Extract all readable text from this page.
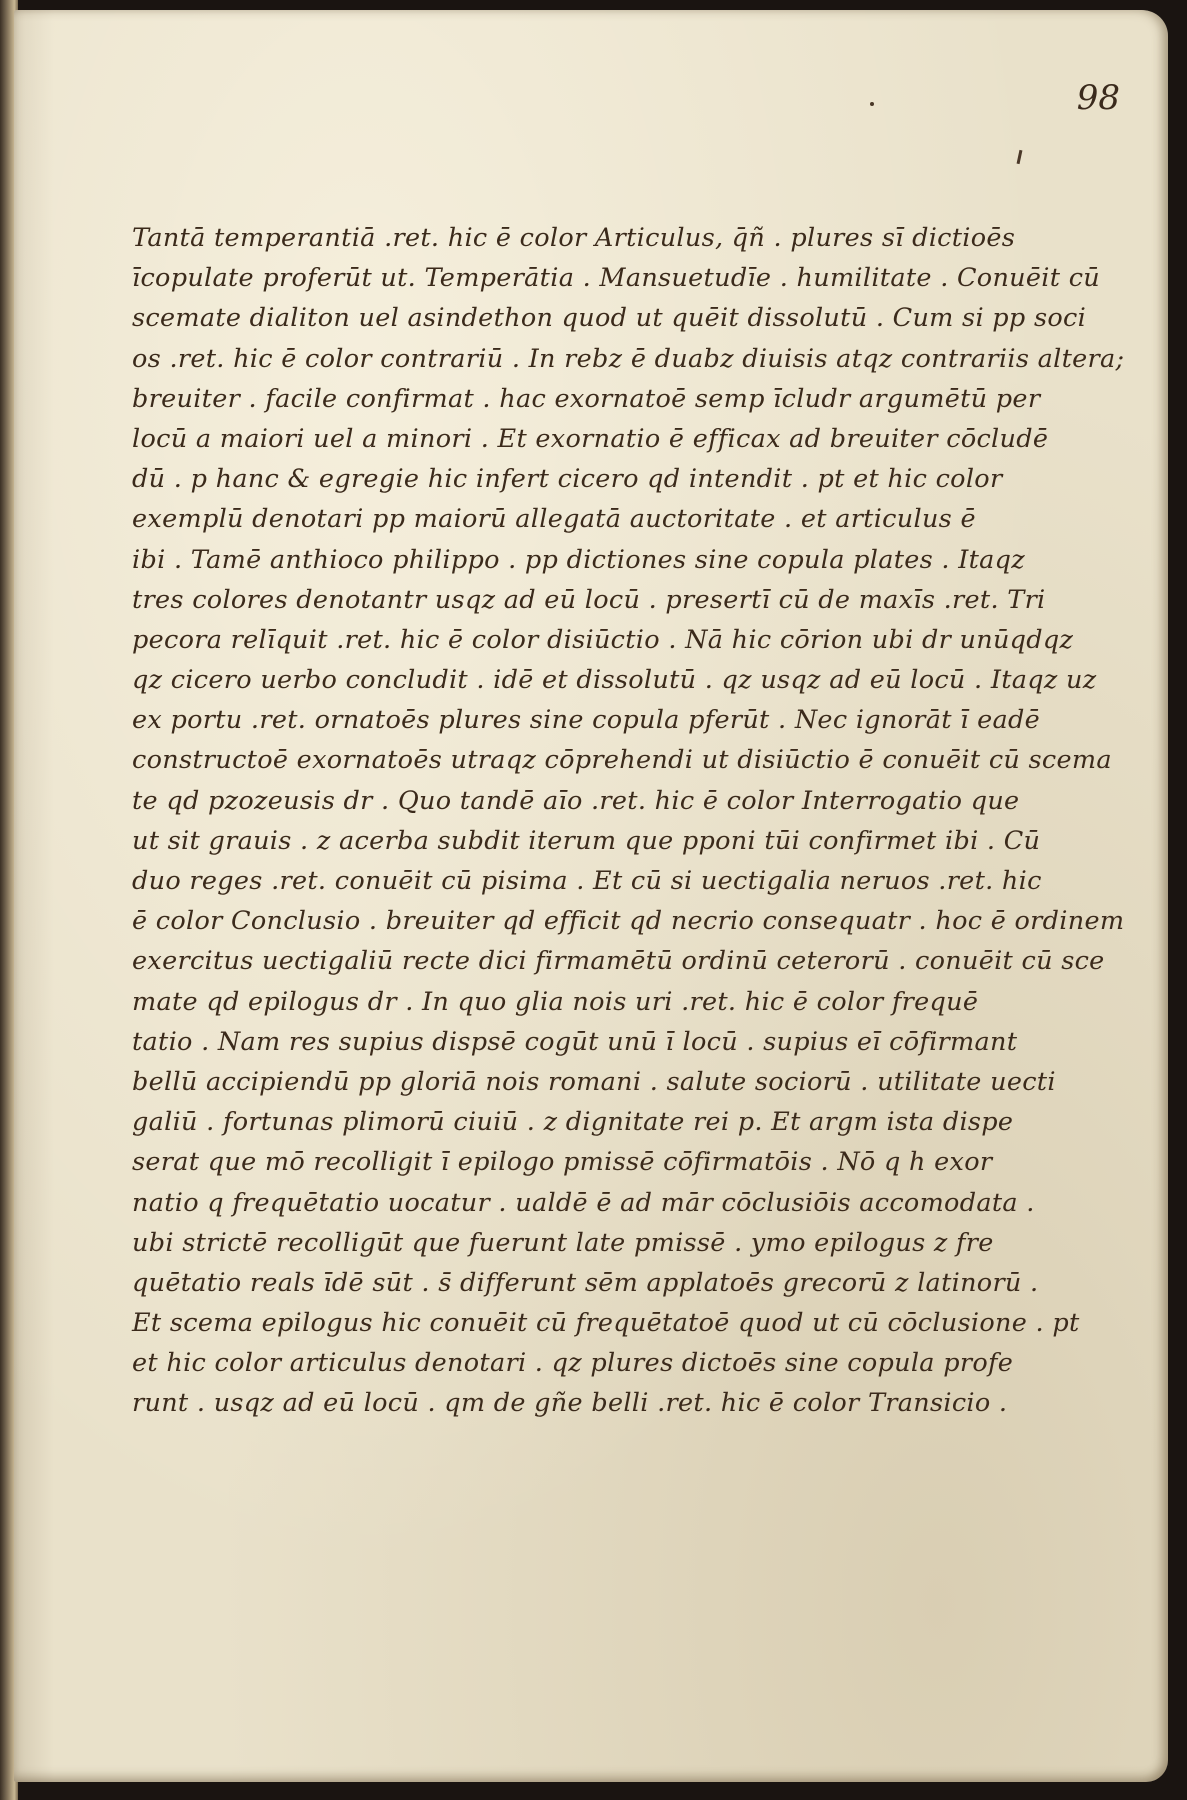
98
Tantā temperantiā .ret. hic ē color Articulus, q̄ñ . plures sī dictioēs
īcopulate proferūt ut. Temperātia . Mansuetudīe . humilitate . Conuēit cū
scemate dialiton uel asindethon quod ut quēit dissolutū . Cum si pp soci
os .ret. hic ē color contrariū . In rebz ē duabz diuisis atqz contrariis altera;
breuiter . facile confirmat . hac exornatoē semp īcludr argumētū per
locū a maiori uel a minori . Et exornatio ē efficax ad breuiter cōcludē
dū . p hanc & egregie hic infert cicero qd intendit . pt et hic color
exemplū denotari pp maiorū allegatā auctoritate . et articulus ē
ibi . Tamē anthioco philippo . pp dictiones sine copula plates . Itaqz
tres colores denotantr usqz ad eū locū . presertī cū de maxīs .ret. Tri
pecora relīquit .ret. hic ē color disiūctio . Nā hic cōrion ubi dr unūqdqz
qz cicero uerbo concludit . idē et dissolutū . qz usqz ad eū locū . Itaqz uz
ex portu .ret. ornatoēs plures sine copula pferūt . Nec ignorāt ī eadē
constructoē exornatoēs utraqz cōprehendi ut disiūctio ē conuēit cū scema
te qd pzozeusis dr . Quo tandē aīo .ret. hic ē color Interrogatio que
ut sit grauis . z acerba subdit iterum que pponi tūi confirmet ibi . Cū
duo reges .ret. conuēit cū pisima . Et cū si uectigalia neruos .ret. hic
ē color Conclusio . breuiter qd efficit qd necrio consequatr . hoc ē ordinem
exercitus uectigaliū recte dici firmamētū ordinū ceterorū . conuēit cū sce
mate qd epilogus dr . In quo glia nois uri .ret. hic ē color frequē
tatio . Nam res supius dispsē cogūt unū ī locū . supius eī cōfirmant
bellū accipiendū pp gloriā nois romani . salute sociorū . utilitate uecti
galiū . fortunas plimorū ciuiū . z dignitate rei p. Et argm ista dispe
serat que mō recolligit ī epilogo pmissē cōfirmatōis . Nō q h exor
natio q frequētatio uocatur . ualdē ē ad mār cōclusiōis accomodata .
ubi strictē recolligūt que fuerunt late pmissē . ymo epilogus z fre
quētatio reals īdē sūt . s̄ differunt sēm applatoēs grecorū z latinorū .
Et scema epilogus hic conuēit cū frequētatoē quod ut cū cōclusione . pt
et hic color articulus denotari . qz plures dictoēs sine copula profe
runt . usqz ad eū locū . qm de gñe belli .ret. hic ē color Transicio .
